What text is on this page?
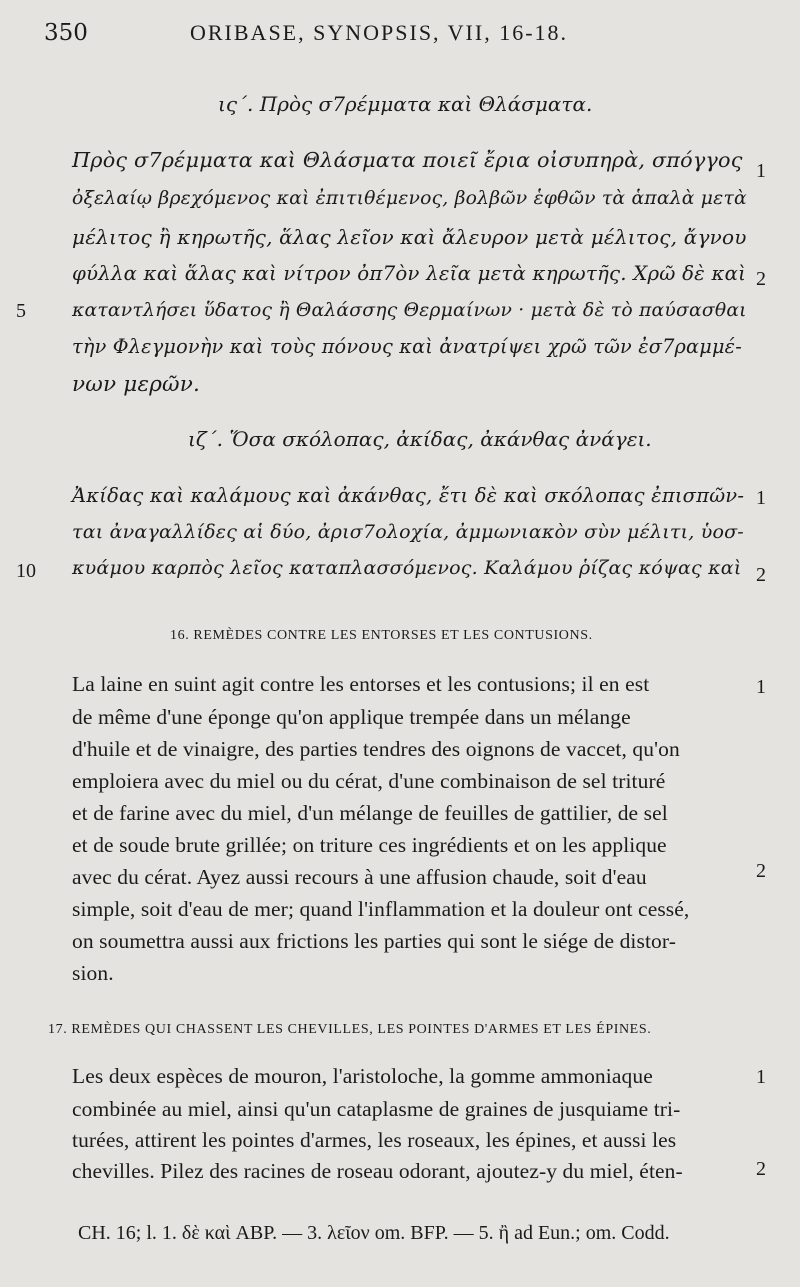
350	ORIBASE, SYNOPSIS, VII, 16-18.
ις΄. Πρὸς σ7ρέμματα καὶ Θλάσματα.
Πρὸς σ7ρέμματα καὶ Θλάσματα ποιεῖ ἔρια οἰσυπηρὰ, σπόγγος
ὀξελαίῳ βρεχόμενος καὶ ἐπιτιθέμενος, βολβῶν ἑφθῶν τὰ ἁπαλὰ μετὰ
μέλιτος ἢ κηρωτῆς, ἅλας λεῖον καὶ ἄλευρον μετὰ μέλιτος, ἄγνου
φύλλα καὶ ἅλας καὶ νίτρον ὀπ7ὸν λεῖα μετὰ κηρωτῆς. Χρῶ δὲ καὶ
καταντλήσει ὕδατος ἢ Θαλάσσης Θερμαίνων · μετὰ δὲ τὸ παύσασθαι
τὴν Φλεγμονὴν καὶ τοὺς πόνους καὶ ἀνατρίψει χρῶ τῶν ἐσ7ραμμέ-
νων μερῶν.
1
2
5
ιζ΄. Ὅσα σκόλοπας, ἀκίδας, ἀκάνθας ἀνάγει.
Ἀκίδας καὶ καλάμους καὶ ἀκάνθας, ἔτι δὲ καὶ σκόλοπας ἐπισπῶν-
ται ἀναγαλλίδες αἱ δύο, ἀρισ7ολοχία, ἀμμωνιακὸν σὺν μέλιτι, ὑοσ-
κυάμου καρπὸς λεῖος καταπλασσόμενος. Καλάμου ῥίζας κόψας καὶ
1
10	2
16. REMÈDES CONTRE LES ENTORSES ET LES CONTUSIONS.
La laine en suint agit contre les entorses et les contusions; il en est
de même d'une éponge qu'on applique trempée dans un mélange
d'huile et de vinaigre, des parties tendres des oignons de vaccet, qu'on
emploiera avec du miel ou du cérat, d'une combinaison de sel trituré
et de farine avec du miel, d'un mélange de feuilles de gattilier, de sel
et de soude brute grillée; on triture ces ingrédients et on les applique
avec du cérat. Ayez aussi recours à une affusion chaude, soit d'eau
simple, soit d'eau de mer; quand l'inflammation et la douleur ont cessé,
on soumettra aussi aux frictions les parties qui sont le siége de distor-
sion.
1
2
17. REMÈDES QUI CHASSENT LES CHEVILLES, LES POINTES D'ARMES ET LES ÉPINES.
Les deux espèces de mouron, l'aristoloche, la gomme ammoniaque
combinée au miel, ainsi qu'un cataplasme de graines de jusquiame tri-
turées, attirent les pointes d'armes, les roseaux, les épines, et aussi les
chevilles. Pilez des racines de roseau odorant, ajoutez-y du miel, éten-
1
2
CH. 16; l. 1. δὲ καὶ ABP. — 3. λεῖον om. BFP. — 5. ἢ ad Eun.; om. Codd.
